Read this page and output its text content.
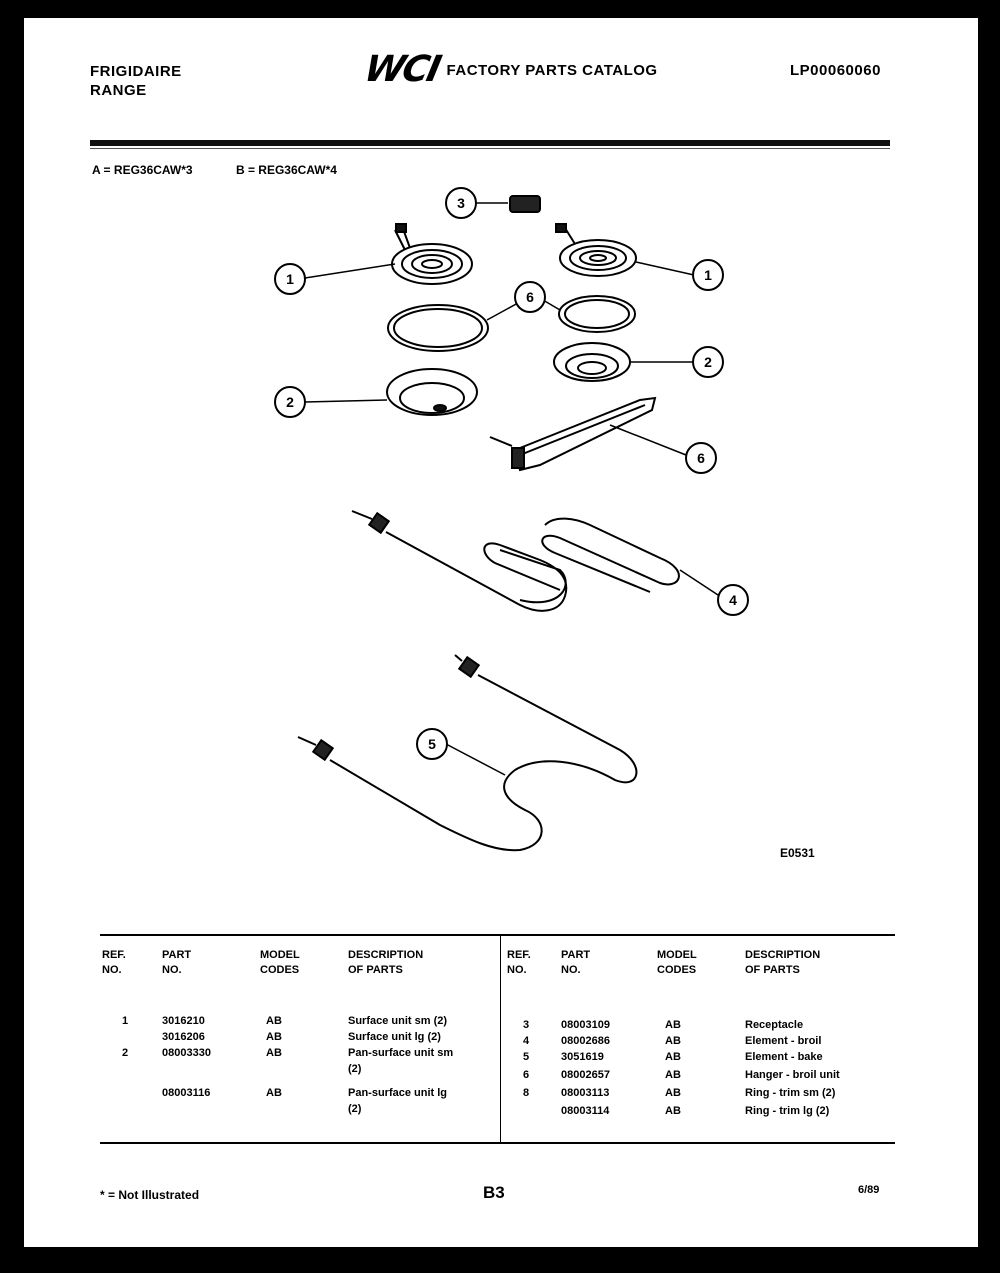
FRIGIDAIRE
RANGE
WCI FACTORY PARTS CATALOG	LP00060060
A = REG36CAW*3	B = REG36CAW*4
3
1	1
6
2
2
6
4
5
E0531
REF.
NO.
PART
NO.
MODEL
CODES
DESCRIPTION
OF PARTS
1	3016210	AB	Surface unit sm (2)
3016206	AB	Surface unit lg (2)
2	08003330	AB	Pan-surface unit sm
(2)
08003116	AB	Pan-surface unit lg
(2)
REF.
NO.
PART
NO.
MODEL
CODES
DESCRIPTION
OF PARTS
3	08003109	AB	Receptacle
4	08002686	AB	Element - broil
5	3051619	AB	Element - bake
6	08002657	AB	Hanger - broil unit
8	08003113	AB	Ring - trim sm (2)
08003114	AB	Ring - trim lg (2)
* = Not Illustrated	B3	6/89
